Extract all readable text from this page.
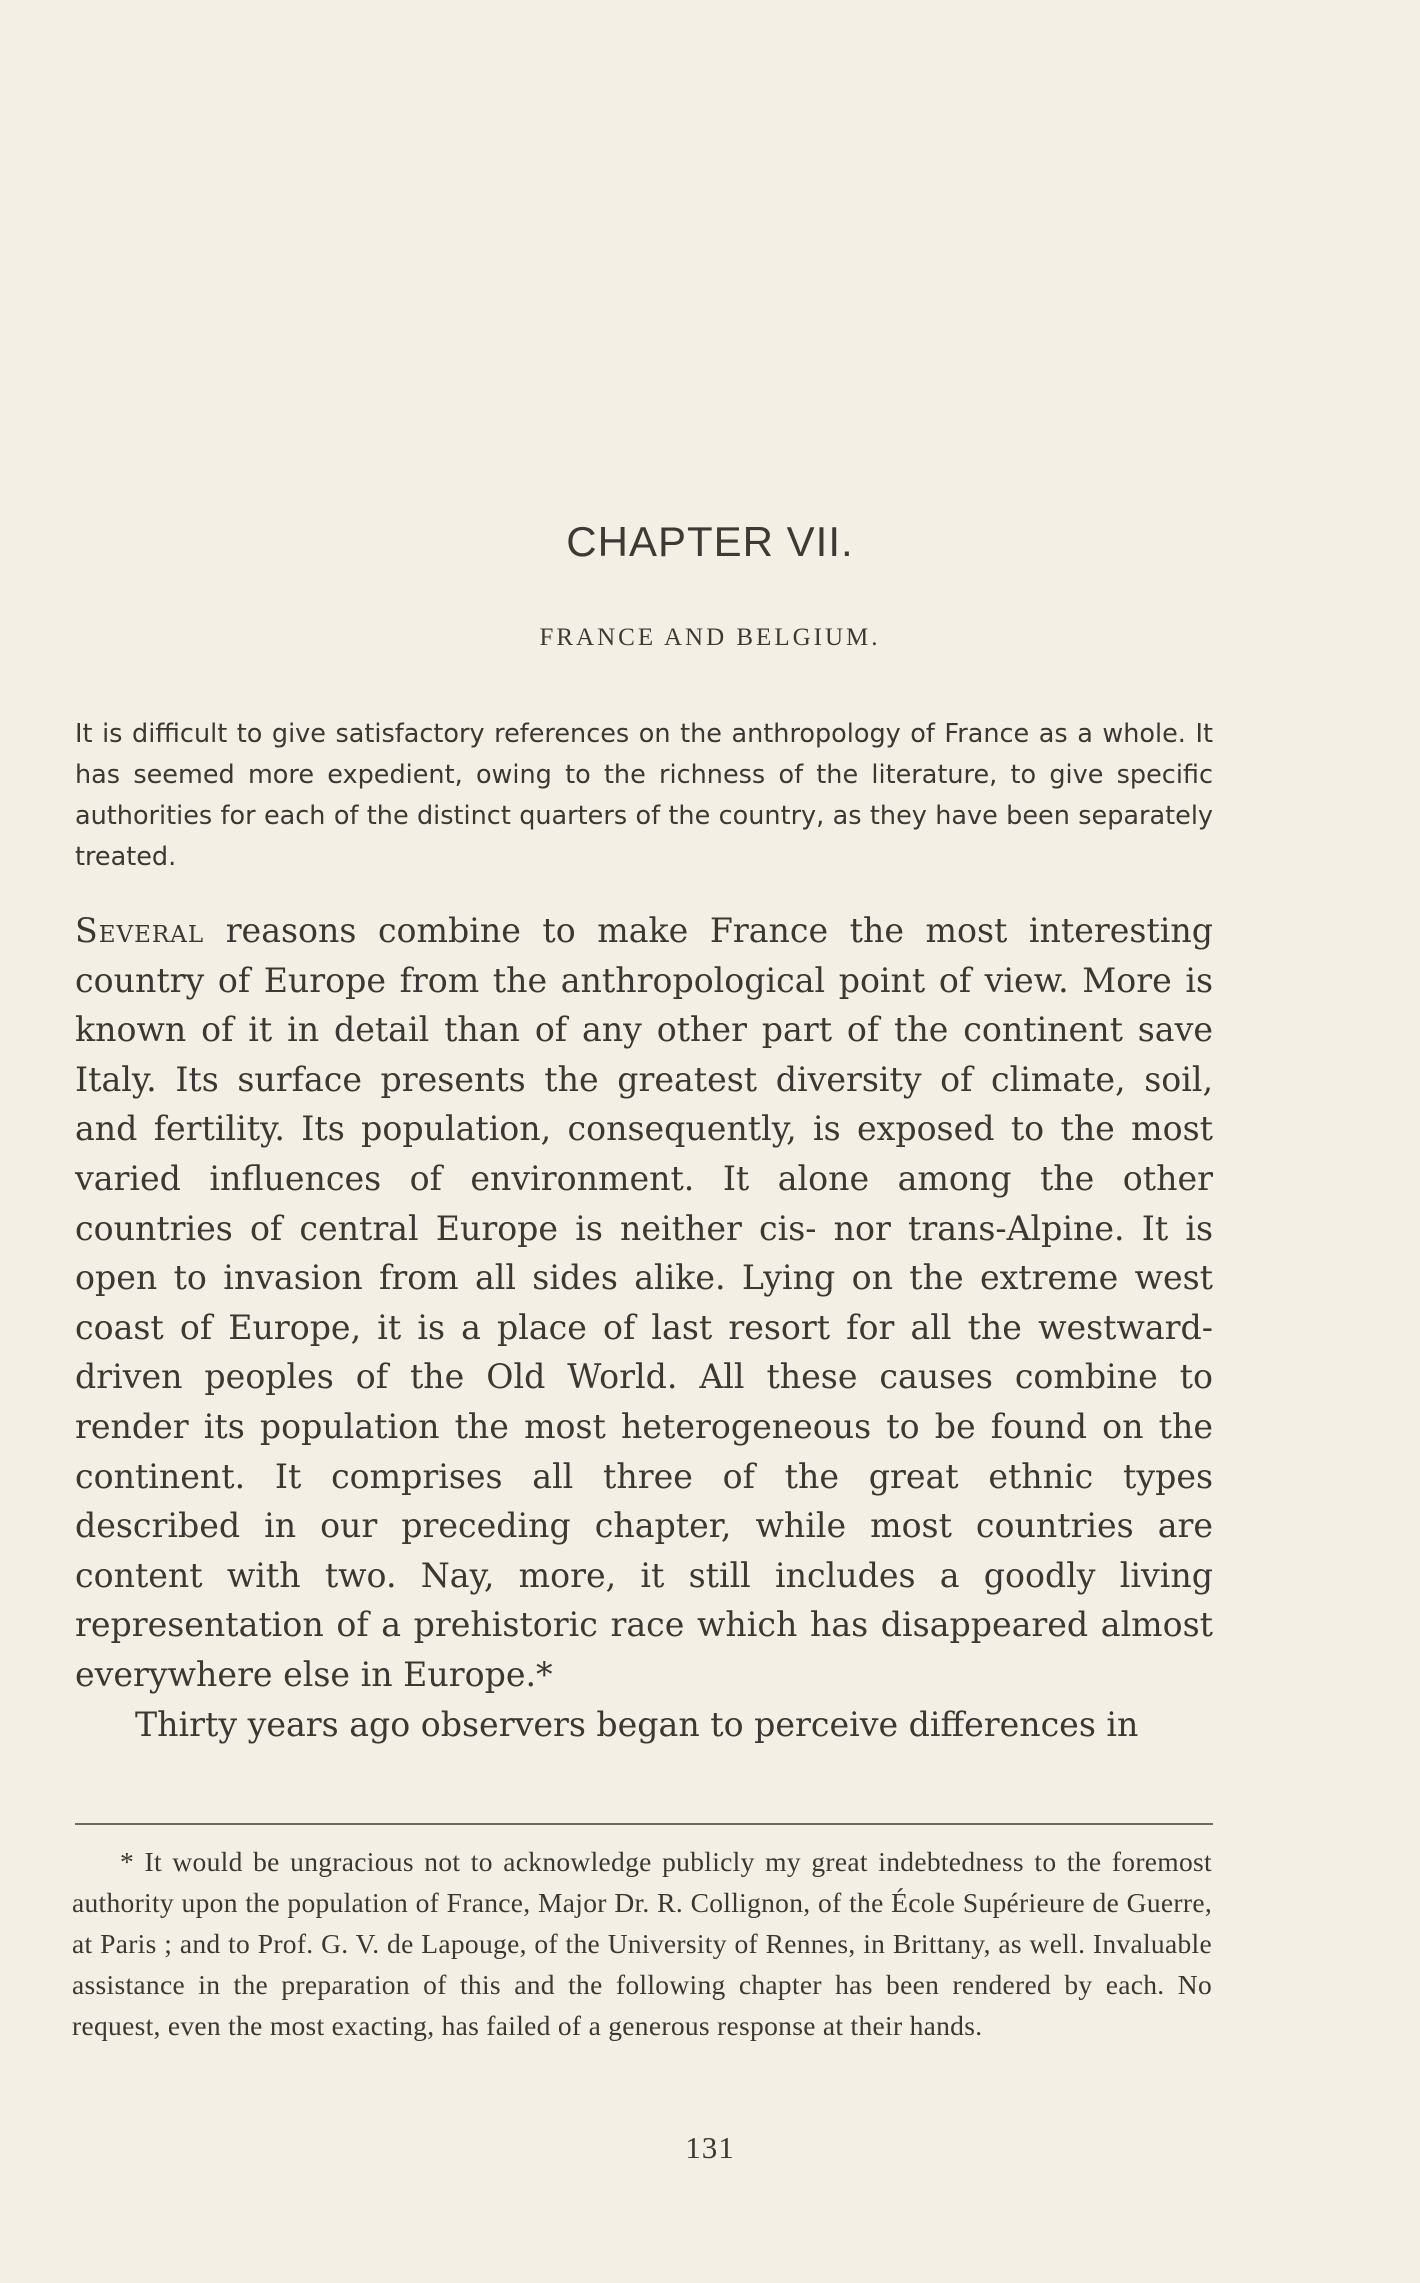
CHAPTER VII.
FRANCE AND BELGIUM.
It is difficult to give satisfactory references on the anthropology of France as a whole. It has seemed more expedient, owing to the richness of the literature, to give specific authorities for each of the distinct quarters of the country, as they have been separately treated.

Several reasons combine to make France the most interesting country of Europe from the anthropological point of view. More is known of it in detail than of any other part of the continent save Italy. Its surface presents the greatest diversity of climate, soil, and fertility. Its population, consequently, is exposed to the most varied influences of environment. It alone among the other countries of central Europe is neither cis- nor trans-Alpine. It is open to invasion from all sides alike. Lying on the extreme west coast of Europe, it is a place of last resort for all the westward-driven peoples of the Old World. All these causes combine to render its population the most heterogeneous to be found on the continent. It comprises all three of the great ethnic types described in our preceding chapter, while most countries are content with two. Nay, more, it still includes a goodly living representation of a prehistoric race which has disappeared almost everywhere else in Europe.*

Thirty years ago observers began to perceive differences in

* It would be ungracious not to acknowledge publicly my great indebtedness to the foremost authority upon the population of France, Major Dr. R. Collignon, of the École Supérieure de Guerre, at Paris ; and to Prof. G. V. de Lapouge, of the University of Rennes, in Brittany, as well. Invaluable assistance in the preparation of this and the following chapter has been rendered by each. No request, even the most exacting, has failed of a generous response at their hands.

131
